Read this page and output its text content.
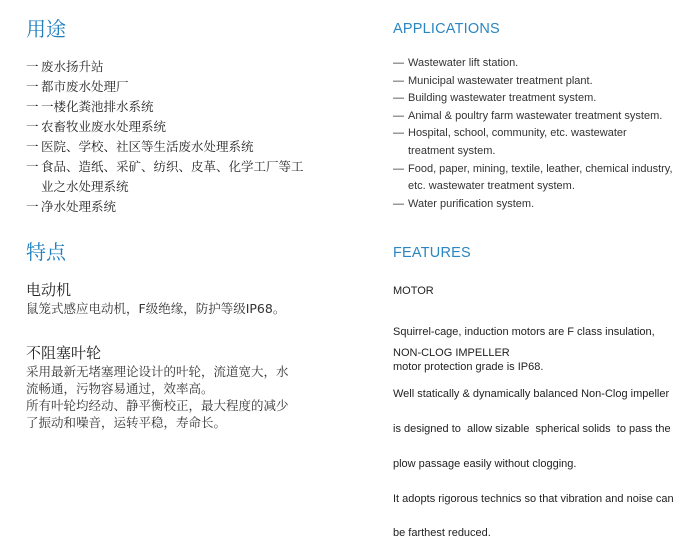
用途
一 废水扬升站
一 都市废水处理厂
一 一楼化粪池排水系统
一 农畜牧业废水处理系统
一 医院、学校、社区等生活废水处理系统
一 食品、造纸、采矿、纺织、皮革、化学工厂等工
业之水处理系统
一 净水处理系统
APPLICATIONS
— Wastewater lift station.
— Municipal wastewater treatment plant.
— Building wastewater treatment system.
— Animal & poultry farm wastewater treatment system.
— Hospital, school, community, etc. wastewater
treatment system.
— Food, paper, mining, textile, leather, chemical industry,
etc. wastewater treatment system.
— Water purification system.
特点
电动机
鼠笼式感应电动机，F级绝缘，防护等级IP68。
不阻塞叶轮
采用最新无堵塞理论设计的叶轮，流道宽大，水
流畅通，污物容易通过，效率高。
所有叶轮均经动、静平衡校正，最大程度的减少
了振动和噪音，运转平稳，寿命长。
FEATURES
MOTOR

Squirrel-cage, induction motors are F class insulation,

motor protection grade is IP68.

NON-CLOG IMPELLER

Well statically & dynamically balanced Non-Clog impeller

is designed to  allow sizable  spherical solids  to pass the

plow passage easily without clogging.

It adopts rigorous technics so that vibration and noise can

be farthest reduced.
